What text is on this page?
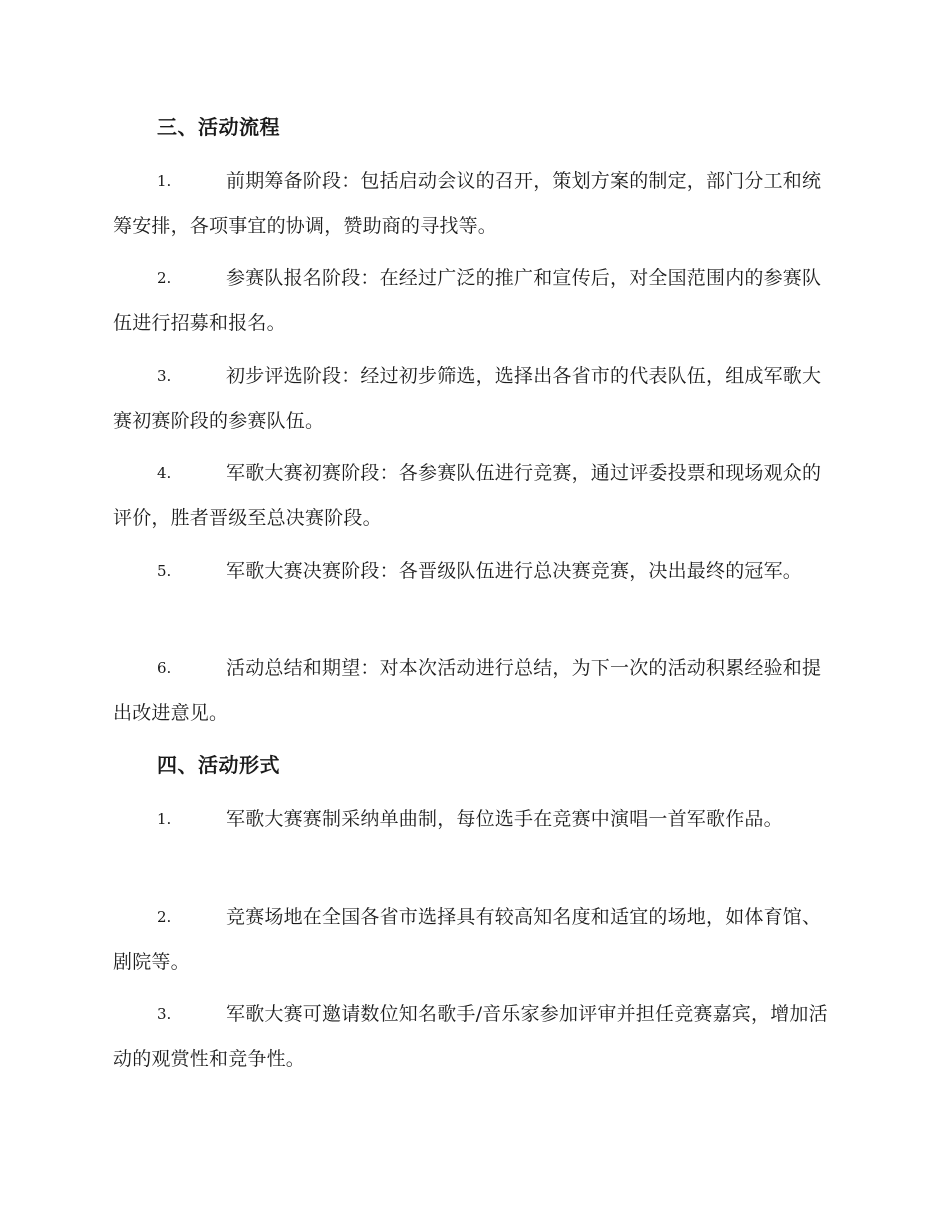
三、活动流程
1.	前期筹备阶段：包括启动会议的召开，策划方案的制定，部门分工和统筹安排，各项事宜的协调，赞助商的寻找等。
2.	参赛队报名阶段：在经过广泛的推广和宣传后，对全国范围内的参赛队伍进行招募和报名。
3.	初步评选阶段：经过初步筛选，选择出各省市的代表队伍，组成军歌大赛初赛阶段的参赛队伍。
4.	军歌大赛初赛阶段：各参赛队伍进行竞赛，通过评委投票和现场观众的评价，胜者晋级至总决赛阶段。
5.	军歌大赛决赛阶段：各晋级队伍进行总决赛竞赛，决出最终的冠军。
6.	活动总结和期望：对本次活动进行总结，为下一次的活动积累经验和提出改进意见。
四、活动形式
1.	军歌大赛赛制采纳单曲制，每位选手在竞赛中演唱一首军歌作品。
2.	竞赛场地在全国各省市选择具有较高知名度和适宜的场地，如体育馆、剧院等。
3.	军歌大赛可邀请数位知名歌手/音乐家参加评审并担任竞赛嘉宾，增加活动的观赏性和竞争性。
